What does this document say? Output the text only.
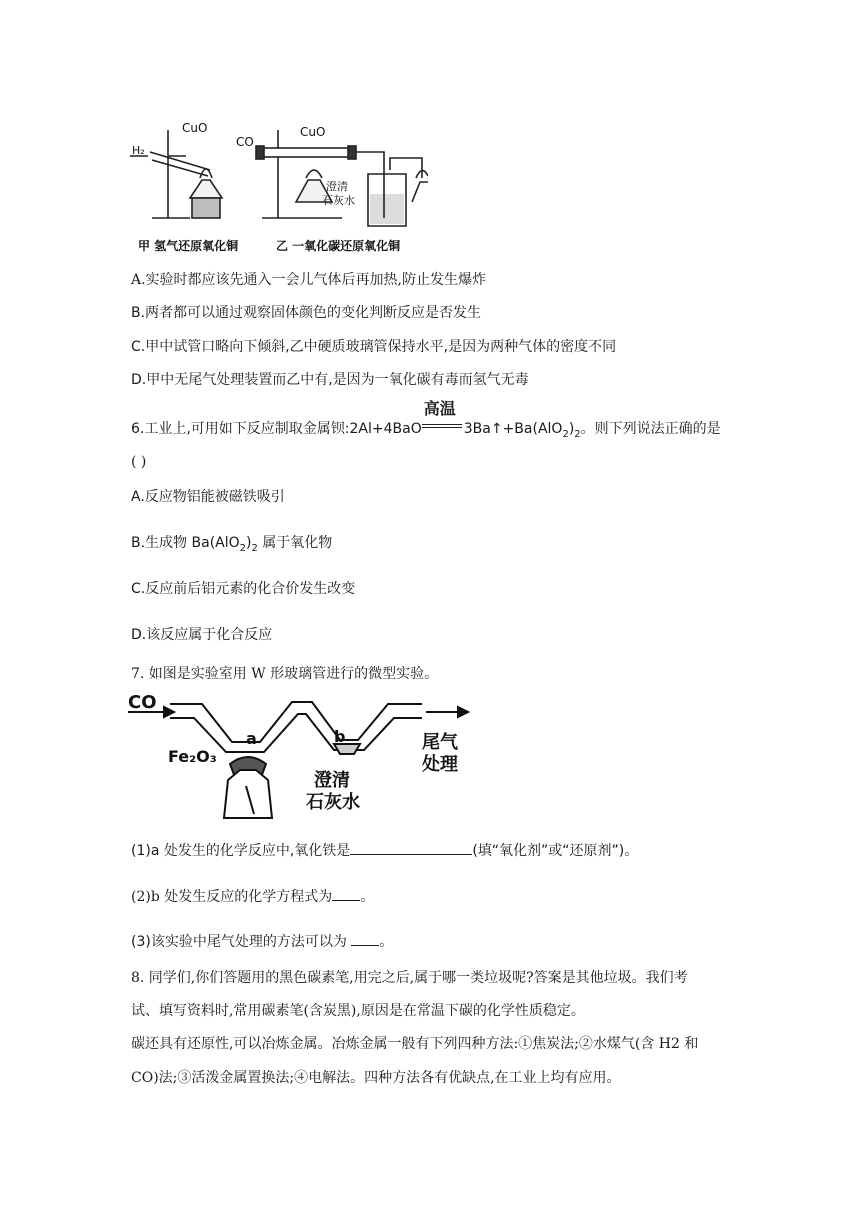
H₂
CuO
CO
CuO
澄清
石灰水
甲 氢气还原氧化铜	乙 一氧化碳还原氧化铜
A.实验时都应该先通入一会儿气体后再加热,防止发生爆炸
B.两者都可以通过观察固体颜色的变化判断反应是否发生
C.甲中试管口略向下倾斜,乙中硬质玻璃管保持水平,是因为两种气体的密度不同
D.甲中无尾气处理装置而乙中有,是因为一氧化碳有毒而氢气无毒
6.工业上,可用如下反应制取金属钡:2Al+4BaO
高温
$3Ba↑+Ba(AlO_2)_2$。则下列说法正确的是
( )
A.反应物铝能被磁铁吸引
B.生成物 $Ba(AlO_2)_2$ 属于氧化物
C.反应前后铝元素的化合价发生改变
D.该反应属于化合反应
7. 如图是实验室用 W 形玻璃管进行的微型实验。
CO
a	b
Fe₂O₃
尾气
处理
澄清
石灰水
(1)a 处发生的化学反应中,氧化铁是	(填“氧化剂”或“还原剂”)。
(2)b 处发生反应的化学方程式为 。
(3)该实验中尾气处理的方法可以为 。
8. 同学们,你们答题用的黑色碳素笔,用完之后,属于哪一类垃圾呢?答案是其他垃圾。我们考
试、填写资料时,常用碳素笔(含炭黑),原因是在常温下碳的化学性质稳定。
碳还具有还原性,可以冶炼金属。冶炼金属一般有下列四种方法:①焦炭法;②水煤气(含 H2 和
CO)法;③活泼金属置换法;④电解法。四种方法各有优缺点,在工业上均有应用。
